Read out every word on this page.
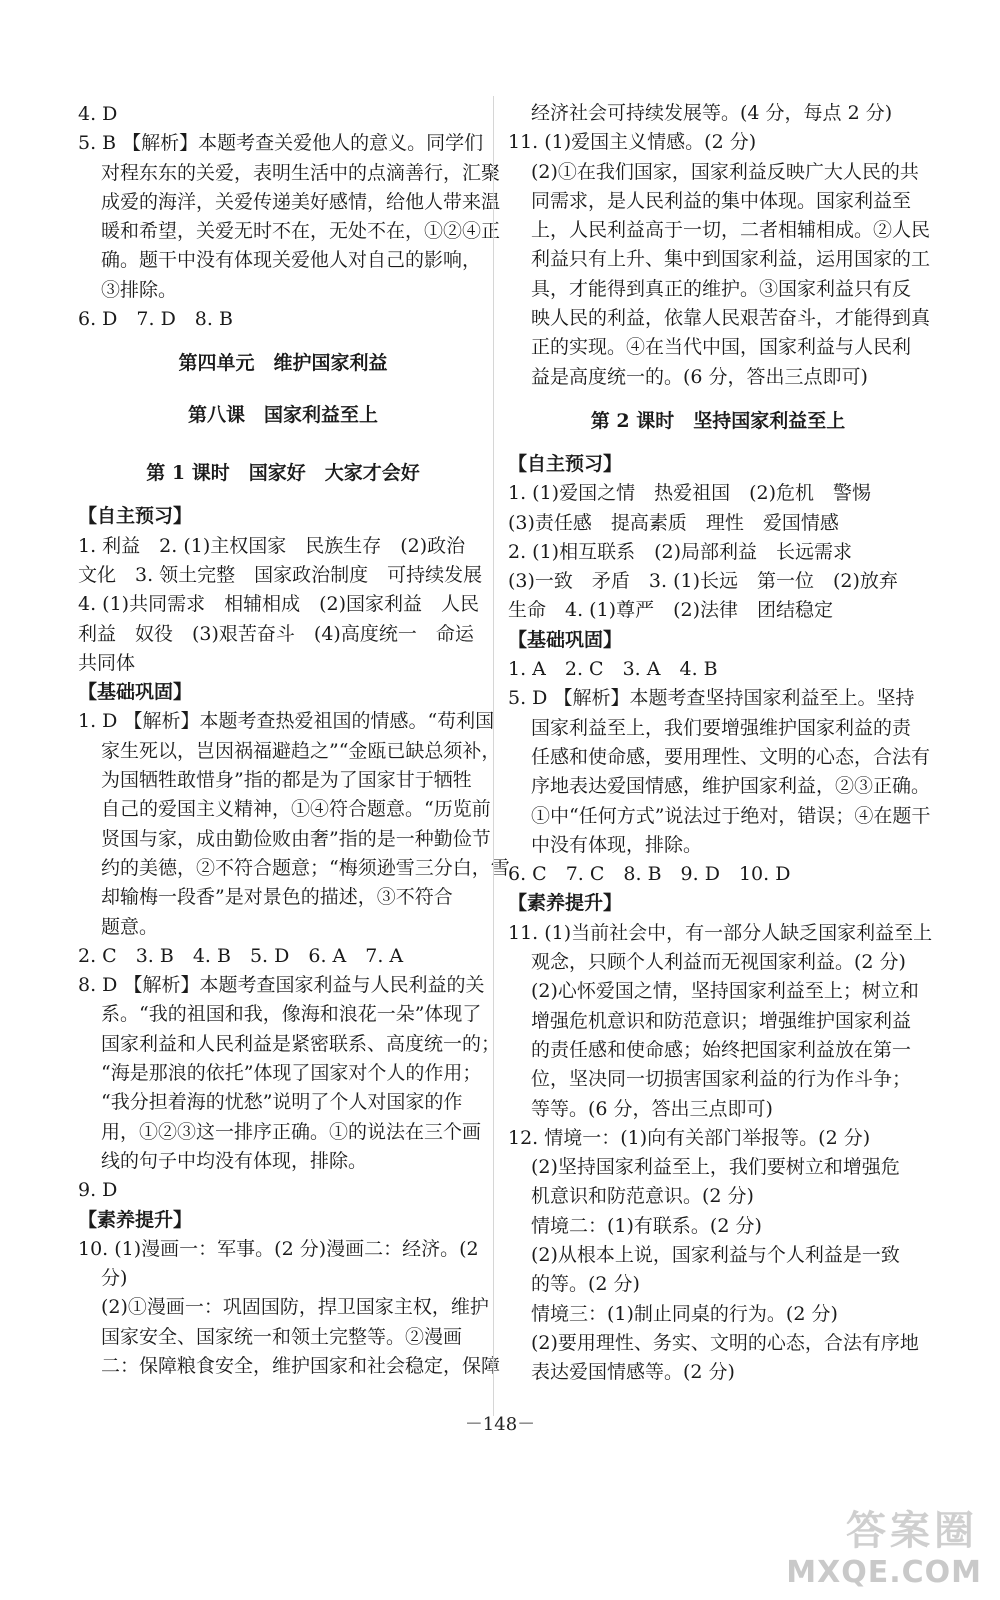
4. D
5. B 【解析】本题考查关爱他人的意义。同学们
对程东东的关爱，表明生活中的点滴善行，汇聚
成爱的海洋，关爱传递美好感情，给他人带来温
暖和希望，关爱无时不在，无处不在，①②④正
确。题干中没有体现关爱他人对自己的影响，
③排除。
6. D　7. D　8. B
第四单元　维护国家利益
第八课　国家利益至上
第 1 课时　国家好　大家才会好
【自主预习】
1. 利益　2. (1)主权国家　民族生存　(2)政治
文化　3. 领土完整　国家政治制度　可持续发展
4. (1)共同需求　相辅相成　(2)国家利益　人民
利益　奴役　(3)艰苦奋斗　(4)高度统一　命运
共同体
【基础巩固】
1. D 【解析】本题考查热爱祖国的情感。“苟利国
家生死以，岂因祸福避趋之”“金瓯已缺总须补，
为国牺牲敢惜身”指的都是为了国家甘于牺牲
自己的爱国主义精神，①④符合题意。“历览前
贤国与家，成由勤俭败由奢”指的是一种勤俭节
约的美德，②不符合题意；“梅须逊雪三分白，雪
却输梅一段香”是对景色的描述，③不符合
题意。
2. C　3. B　4. B　5. D　6. A　7. A
8. D 【解析】本题考查国家利益与人民利益的关
系。“我的祖国和我，像海和浪花一朵”体现了
国家利益和人民利益是紧密联系、高度统一的；
“海是那浪的依托”体现了国家对个人的作用；
“我分担着海的忧愁”说明了个人对国家的作
用，①②③这一排序正确。①的说法在三个画
线的句子中均没有体现，排除。
9. D
【素养提升】
10. (1)漫画一：军事。(2 分)漫画二：经济。(2
分)
(2)①漫画一：巩固国防，捍卫国家主权，维护
国家安全、国家统一和领土完整等。②漫画
二：保障粮食安全，维护国家和社会稳定，保障
经济社会可持续发展等。(4 分，每点 2 分)
11. (1)爱国主义情感。(2 分)
(2)①在我们国家，国家利益反映广大人民的共
同需求，是人民利益的集中体现。国家利益至
上，人民利益高于一切，二者相辅相成。②人民
利益只有上升、集中到国家利益，运用国家的工
具，才能得到真正的维护。③国家利益只有反
映人民的利益，依靠人民艰苦奋斗，才能得到真
正的实现。④在当代中国，国家利益与人民利
益是高度统一的。(6 分，答出三点即可)
第 2 课时　坚持国家利益至上
【自主预习】
1. (1)爱国之情　热爱祖国　(2)危机　警惕
(3)责任感　提高素质　理性　爱国情感
2. (1)相互联系　(2)局部利益　长远需求
(3)一致　矛盾　3. (1)长远　第一位　(2)放弃
生命　4. (1)尊严　(2)法律　团结稳定
【基础巩固】
1. A　2. C　3. A　4. B
5. D 【解析】本题考查坚持国家利益至上。坚持
国家利益至上，我们要增强维护国家利益的责
任感和使命感，要用理性、文明的心态，合法有
序地表达爱国情感，维护国家利益，②③正确。
①中“任何方式”说法过于绝对，错误；④在题干
中没有体现，排除。
6. C　7. C　8. B　9. D　10. D
【素养提升】
11. (1)当前社会中，有一部分人缺乏国家利益至上
观念，只顾个人利益而无视国家利益。(2 分)
(2)心怀爱国之情，坚持国家利益至上；树立和
增强危机意识和防范意识；增强维护国家利益
的责任感和使命感；始终把国家利益放在第一
位，坚决同一切损害国家利益的行为作斗争；
等等。(6 分，答出三点即可)
12. 情境一：(1)向有关部门举报等。(2 分)
(2)坚持国家利益至上，我们要树立和增强危
机意识和防范意识。(2 分)
情境二：(1)有联系。(2 分)
(2)从根本上说，国家利益与个人利益是一致
的等。(2 分)
情境三：(1)制止同桌的行为。(2 分)
(2)要用理性、务实、文明的心态，合法有序地
表达爱国情感等。(2 分)
－148－
答案圈
MXQE.COM
